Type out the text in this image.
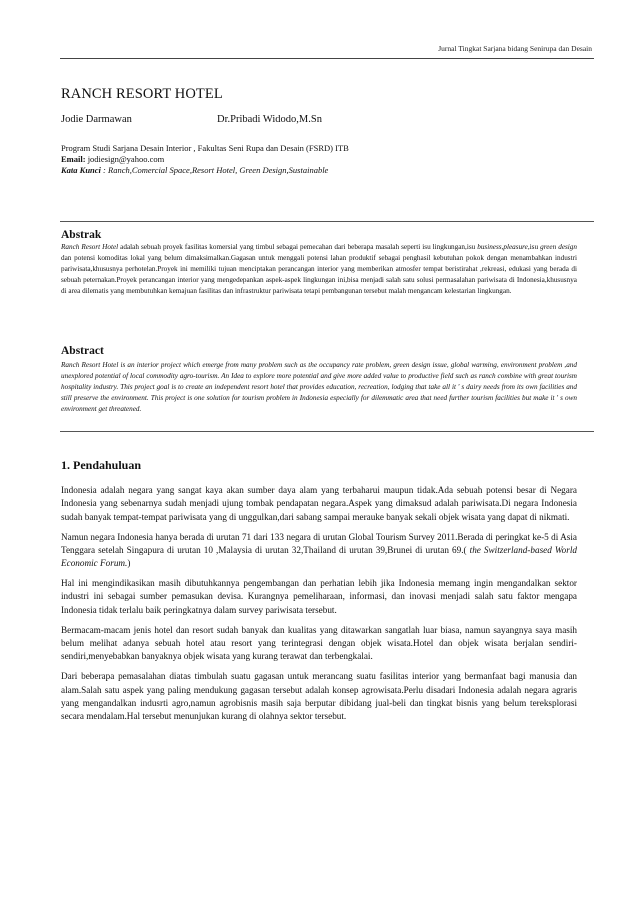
Jurnal Tingkat Sarjana bidang Senirupa dan Desain
RANCH RESORT HOTEL
Jodie Darmawan	Dr.Pribadi Widodo,M.Sn
Program Studi Sarjana Desain Interior , Fakultas Seni Rupa dan Desain (FSRD) ITB
Email: jodiesign@yahoo.com
Kata Kunci : Ranch,Comercial Space,Resort Hotel, Green Design,Sustainable
Abstrak
Ranch Resort Hotel adalah sebuah proyek fasilitas komersial yang timbul sebagai pemecahan dari beberapa masalah seperti isu lingkungan,isu business,pleasure,isu green design dan potensi komoditas lokal yang belum dimaksimalkan.Gagasan untuk menggali potensi lahan produktif sebagai penghasil kebutuhan pokok dengan menambahkan industri pariwisata,khususnya perhotelan.Proyek ini memiliki tujuan menciptakan perancangan interior yang memberikan atmosfer tempat beristirahat ,rekreasi, edukasi yang berada di sebuah peternakan.Proyek perancangan interior yang mengedepankan aspek-aspek lingkungan ini,bisa menjadi salah satu solusi permasalahan pariwisata di Indonesia,khususnya di area dilematis yang membutuhkan kemajuan fasilitas dan infrastruktur pariwisata tetapi pembangunan tersebut malah mengancam kelestarian lingkungan.
Abstract
Ranch Resort Hotel is an interior project which emerge from many problem such as the occupancy rate problem, green design issue, global warming, environment problem ,and unexplored potential of local commodity agro-tourism. An Idea to explore more potential and give more added value to productive field such as ranch combine with great tourism hospitality industry. This project goal is to create an independent resort hotel that provides education, recreation, lodging that take all it ' s dairy needs from its own facilities and still preserve the environment. This project is one solution for tourism problem in Indonesia especially for dilemmatic area that need further tourism facilities but make it ' s own environment get threatened.
1. Pendahuluan

Indonesia adalah negara yang sangat kaya akan sumber daya alam yang terbaharui maupun tidak.Ada sebuah potensi besar di Negara Indonesia yang sebenarnya sudah menjadi ujung tombak pendapatan negara.Aspek yang dimaksud adalah pariwisata.Di negara Indonesia sudah banyak tempat-tempat pariwisata yang di unggulkan,dari sabang sampai merauke banyak sekali objek wisata yang dapat di nikmati.

Namun negara Indonesia hanya berada di urutan 71 dari 133 negara di urutan Global Tourism Survey 2011.Berada di peringkat ke-5 di Asia Tenggara setelah Singapura di urutan 10 ,Malaysia di urutan 32,Thailand di urutan 39,Brunei di urutan 69.( the Switzerland-based World Economic Forum.)

Hal ini mengindikasikan masih dibutuhkannya pengembangan dan perhatian lebih jika Indonesia memang ingin mengandalkan sektor industri ini sebagai sumber pemasukan devisa. Kurangnya pemeliharaan, informasi, dan inovasi menjadi salah satu faktor mengapa Indonesia tidak terlalu baik peringkatnya dalam survey pariwisata tersebut.

Bermacam-macam jenis hotel dan resort sudah banyak dan kualitas yang ditawarkan sangatlah luar biasa, namun sayangnya saya masih belum melihat adanya sebuah hotel atau resort yang terintegrasi dengan objek wisata.Hotel dan objek wisata berjalan sendiri-sendiri,menyebabkan banyaknya objek wisata yang kurang terawat dan terbengkalai.

Dari beberapa pemasalahan diatas timbulah suatu gagasan untuk merancang suatu fasilitas interior yang bermanfaat bagi manusia dan alam.Salah satu aspek yang paling mendukung gagasan tersebut adalah konsep agrowisata.Perlu disadari Indonesia adalah negara agraris yang mengandalkan indusrti agro,namun agrobisnis masih saja berputar dibidang jual-beli dan tingkat bisnis yang belum tereksplorasi secara mendalam.Hal tersebut menunjukan kurang di olahnya sektor tersebut.
